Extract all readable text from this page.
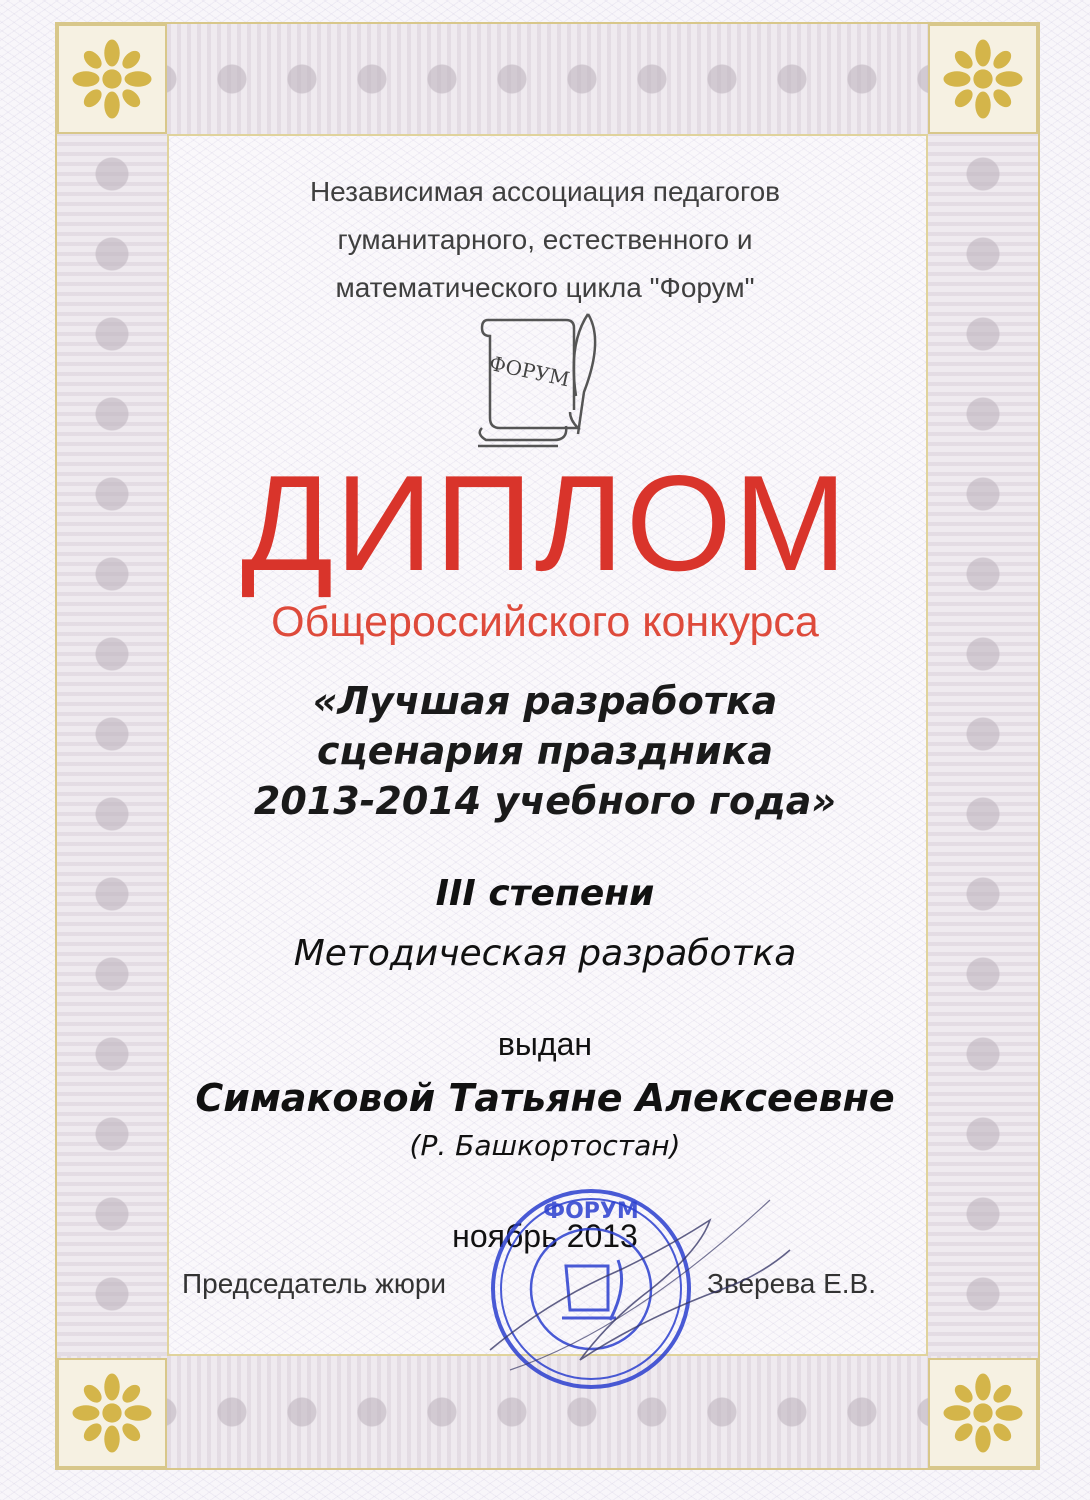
Независимая ассоциация педагогов
гуманитарного, естественного и
математического цикла "Форум"
ФОРУМ
ДИПЛОМ
Общероссийского конкурса
«Лучшая разработка
сценария праздника
2013-2014 учебного года»
III степени
Методическая разработка
выдан
Симаковой Татьяне Алексеевне
(Р. Башкортостан)
ноябрь 2013
Председатель жюри	Зверева Е.В.
ФОРУМ
